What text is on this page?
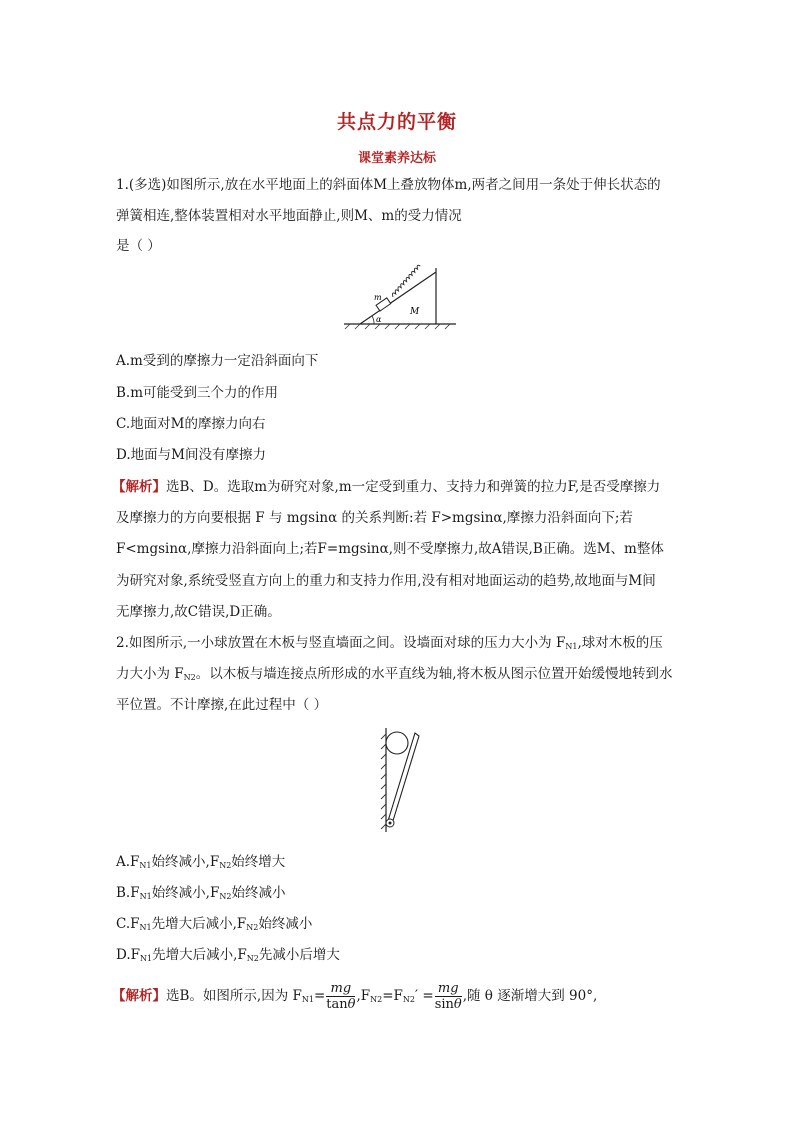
共点力的平衡
课堂素养达标
1.(多选)如图所示,放在水平地面上的斜面体M上叠放物体m,两者之间用一条处于伸长状态的
弹簧相连,整体装置相对水平地面静止,则M、m的受力情况
是（ ）
α
m
M
A.m受到的摩擦力一定沿斜面向下
B.m可能受到三个力的作用
C.地面对M的摩擦力向右
D.地面与M间没有摩擦力
【解析】选B、D。选取m为研究对象,m一定受到重力、支持力和弹簧的拉力F,是否受摩擦力
及摩擦力的方向要根据 F 与 mgsinα 的关系判断:若 F>mgsinα,摩擦力沿斜面向下;若
F<mgsinα,摩擦力沿斜面向上;若F=mgsinα,则不受摩擦力,故A错误,B正确。选M、m整体
为研究对象,系统受竖直方向上的重力和支持力作用,没有相对地面运动的趋势,故地面与M间
无摩擦力,故C错误,D正确。
2.如图所示,一小球放置在木板与竖直墙面之间。设墙面对球的压力大小为 $F_{N1}$,球对木板的压
力大小为 $F_{N2}$。以木板与墙连接点所形成的水平直线为轴,将木板从图示位置开始缓慢地转到水
平位置。不计摩擦,在此过程中（ ）
$A.F_{N1}$始终减小$,F_{N2}$始终增大
$B.F_{N1}$始终减小$,F_{N2}$始终减小
$C.F_{N1}$先增大后减小$,F_{N2}$始终减小
$D.F_{N1}$先增大后减小$,F_{N2}$先减小后增大
【解析】选B。如图所示,因为 $F_{N1}= \frac{mg}{\tan\theta} ,F_{N2}=F_{N2}' = \frac{mg}{\sin\theta}$ ,随 θ 逐渐增大到 90°,
